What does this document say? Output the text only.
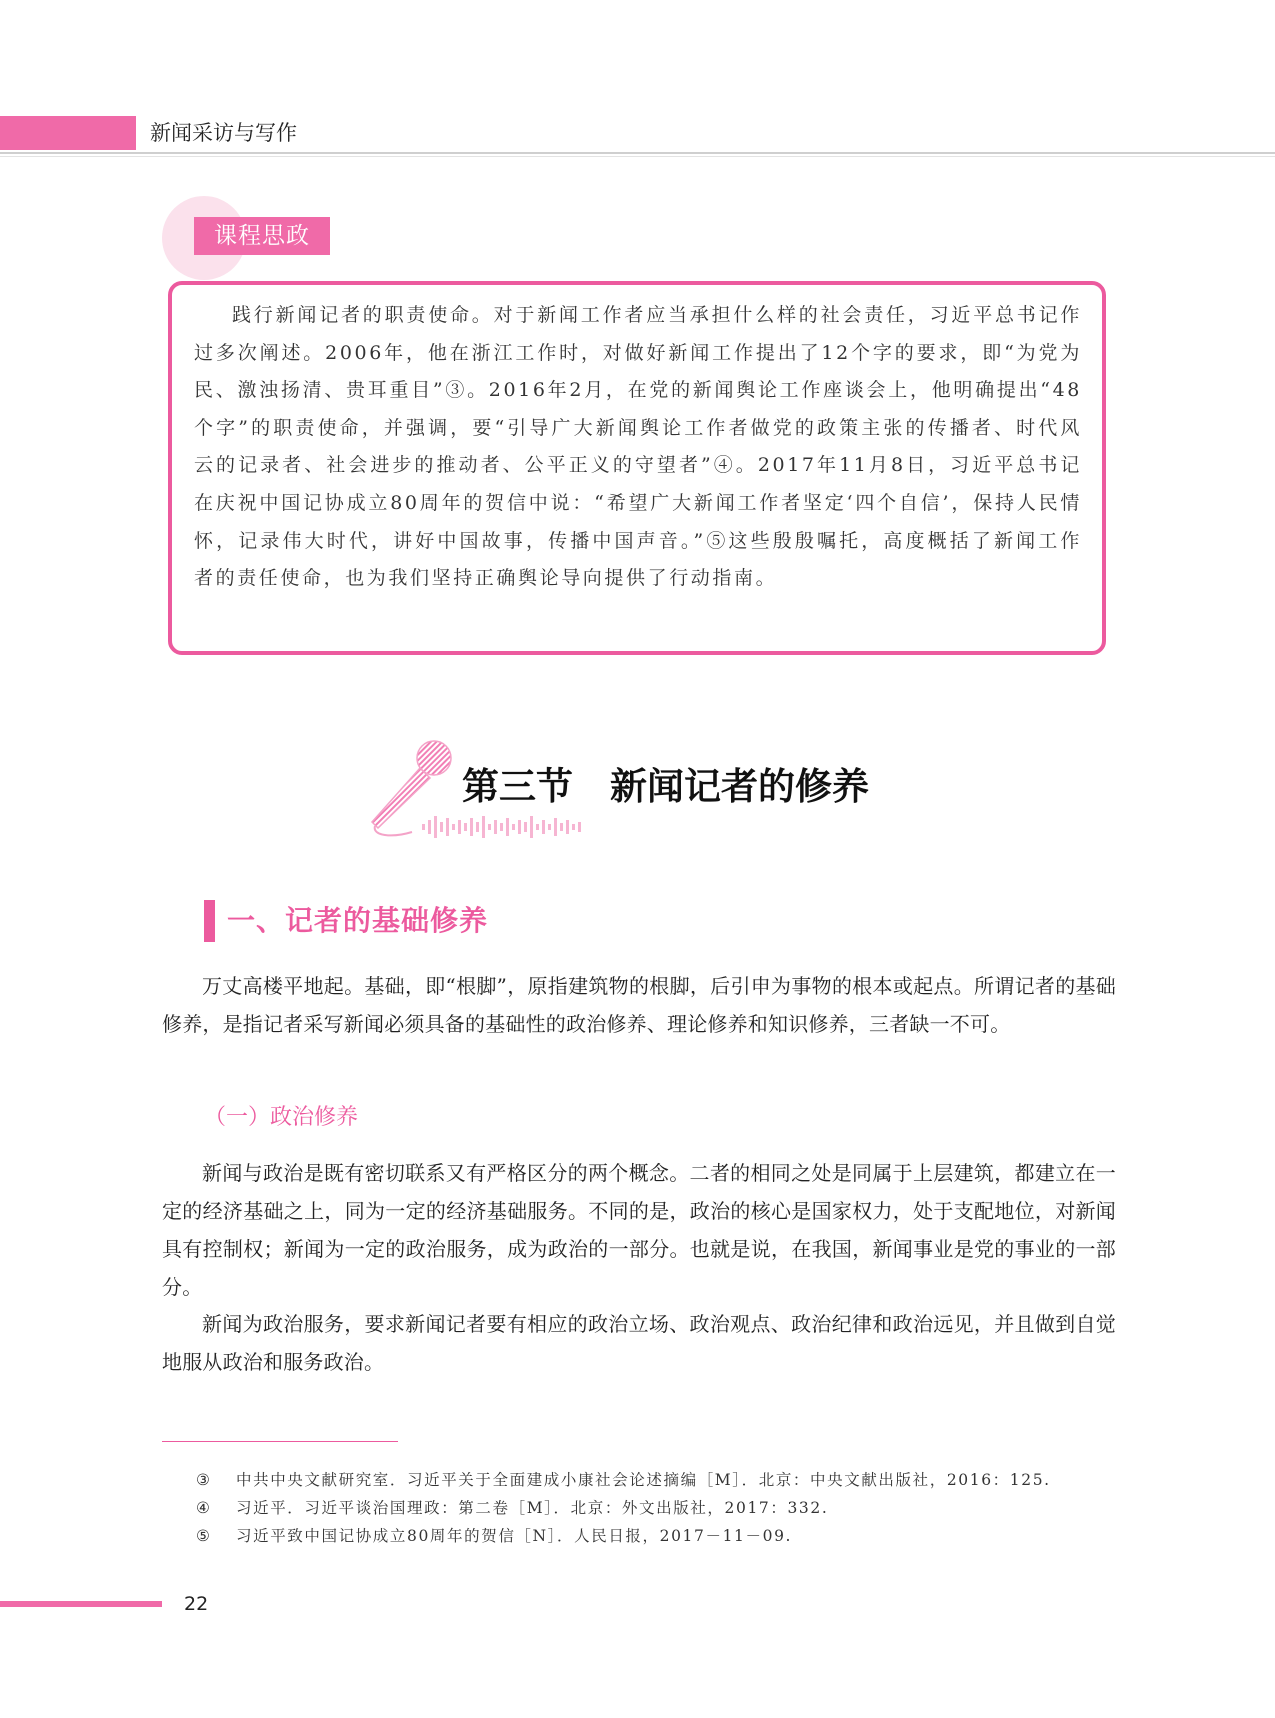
新闻采访与写作
课程思政

践行新闻记者的职责使命。对于新闻工作者应当承担什么样的社会责任，习近平总书记作过多次阐述。2006年，他在浙江工作时，对做好新闻工作提出了12个字的要求，即“为党为民、激浊扬清、贵耳重目”③。2016年2月，在党的新闻舆论工作座谈会上，他明确提出“48个字”的职责使命，并强调，要“引导广大新闻舆论工作者做党的政策主张的传播者、时代风云的记录者、社会进步的推动者、公平正义的守望者”④。2017年11月8日，习近平总书记在庆祝中国记协成立80周年的贺信中说：“希望广大新闻工作者坚定‘四个自信’，保持人民情怀，记录伟大时代，讲好中国故事，传播中国声音。”⑤这些殷殷嘱托，高度概括了新闻工作者的责任使命，也为我们坚持正确舆论导向提供了行动指南。

第三节　新闻记者的修养
一、记者的基础修养

万丈高楼平地起。基础，即“根脚”，原指建筑物的根脚，后引申为事物的根本或起点。所谓记者的基础修养，是指记者采写新闻必须具备的基础性的政治修养、理论修养和知识修养，三者缺一不可。

（一）政治修养

新闻与政治是既有密切联系又有严格区分的两个概念。二者的相同之处是同属于上层建筑，都建立在一定的经济基础之上，同为一定的经济基础服务。不同的是，政治的核心是国家权力，处于支配地位，对新闻具有控制权；新闻为一定的政治服务，成为政治的一部分。也就是说，在我国，新闻事业是党的事业的一部分。

新闻为政治服务，要求新闻记者要有相应的政治立场、政治观点、政治纪律和政治远见，并且做到自觉地服从政治和服务政治。

③ 中共中央文献研究室．习近平关于全面建成小康社会论述摘编［M］．北京：中央文献出版社，2016：125.
④ 习近平．习近平谈治国理政：第二卷［M］．北京：外文出版社，2017：332.
⑤ 习近平致中国记协成立80周年的贺信［N］．人民日报，2017－11－09.
22
